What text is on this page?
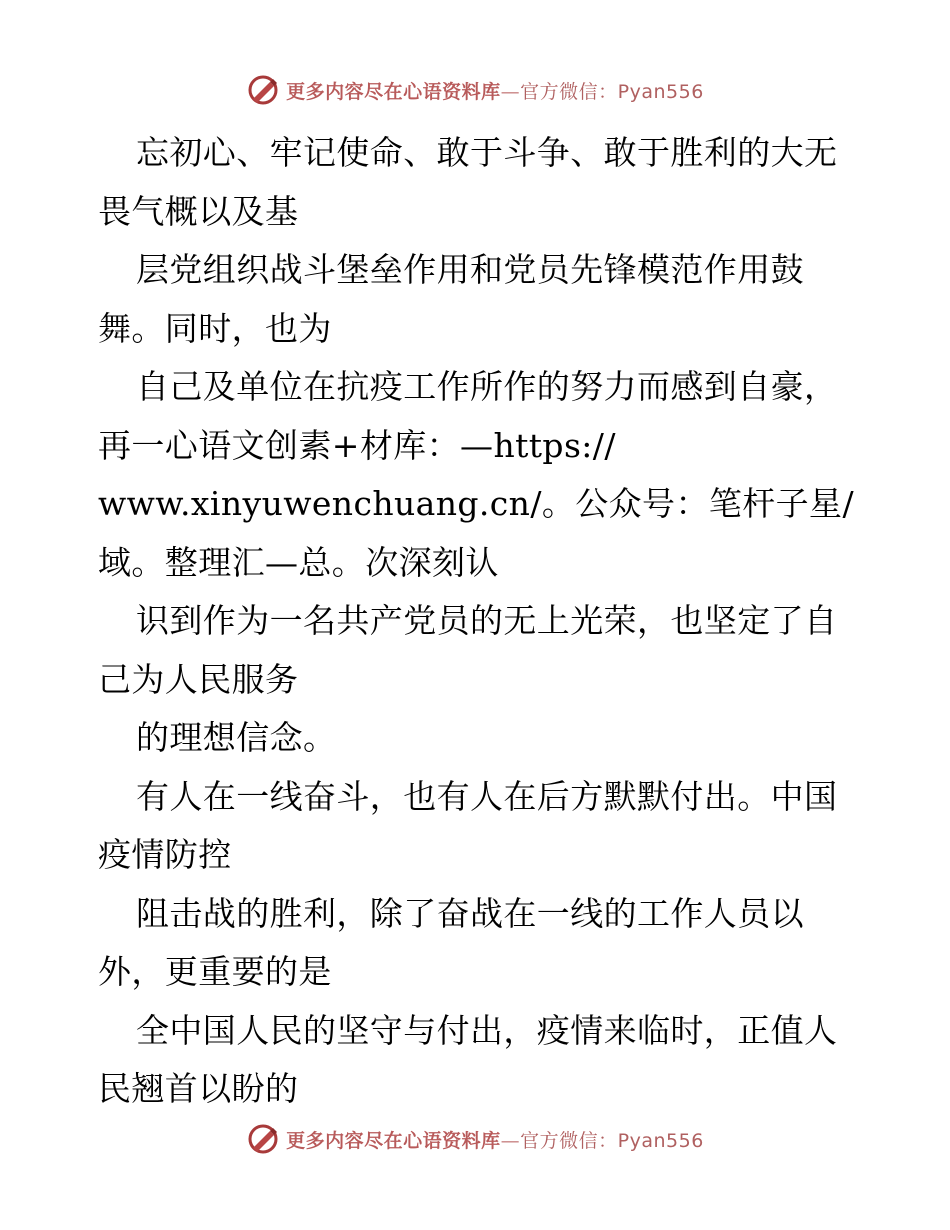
更多内容尽在心语资料库—官方微信：Pyan556
忘初心、牢记使命、敢于斗争、敢于胜利的大无
畏气概以及基
层党组织战斗堡垒作用和党员先锋模范作用鼓
舞。同时，也为
自己及单位在抗疫工作所作的努力而感到自豪，
再一心语文创素+材库：—https://
www.xinyuwenchuang.cn/。公众号：笔杆子星/
域。整理汇—总。次深刻认
识到作为一名共产党员的无上光荣，也坚定了自
己为人民服务
的理想信念。
有人在一线奋斗，也有人在后方默默付出。中国
疫情防控
阻击战的胜利，除了奋战在一线的工作人员以
外，更重要的是
全中国人民的坚守与付出，疫情来临时，正值人
民翘首以盼的
更多内容尽在心语资料库—官方微信：Pyan556
